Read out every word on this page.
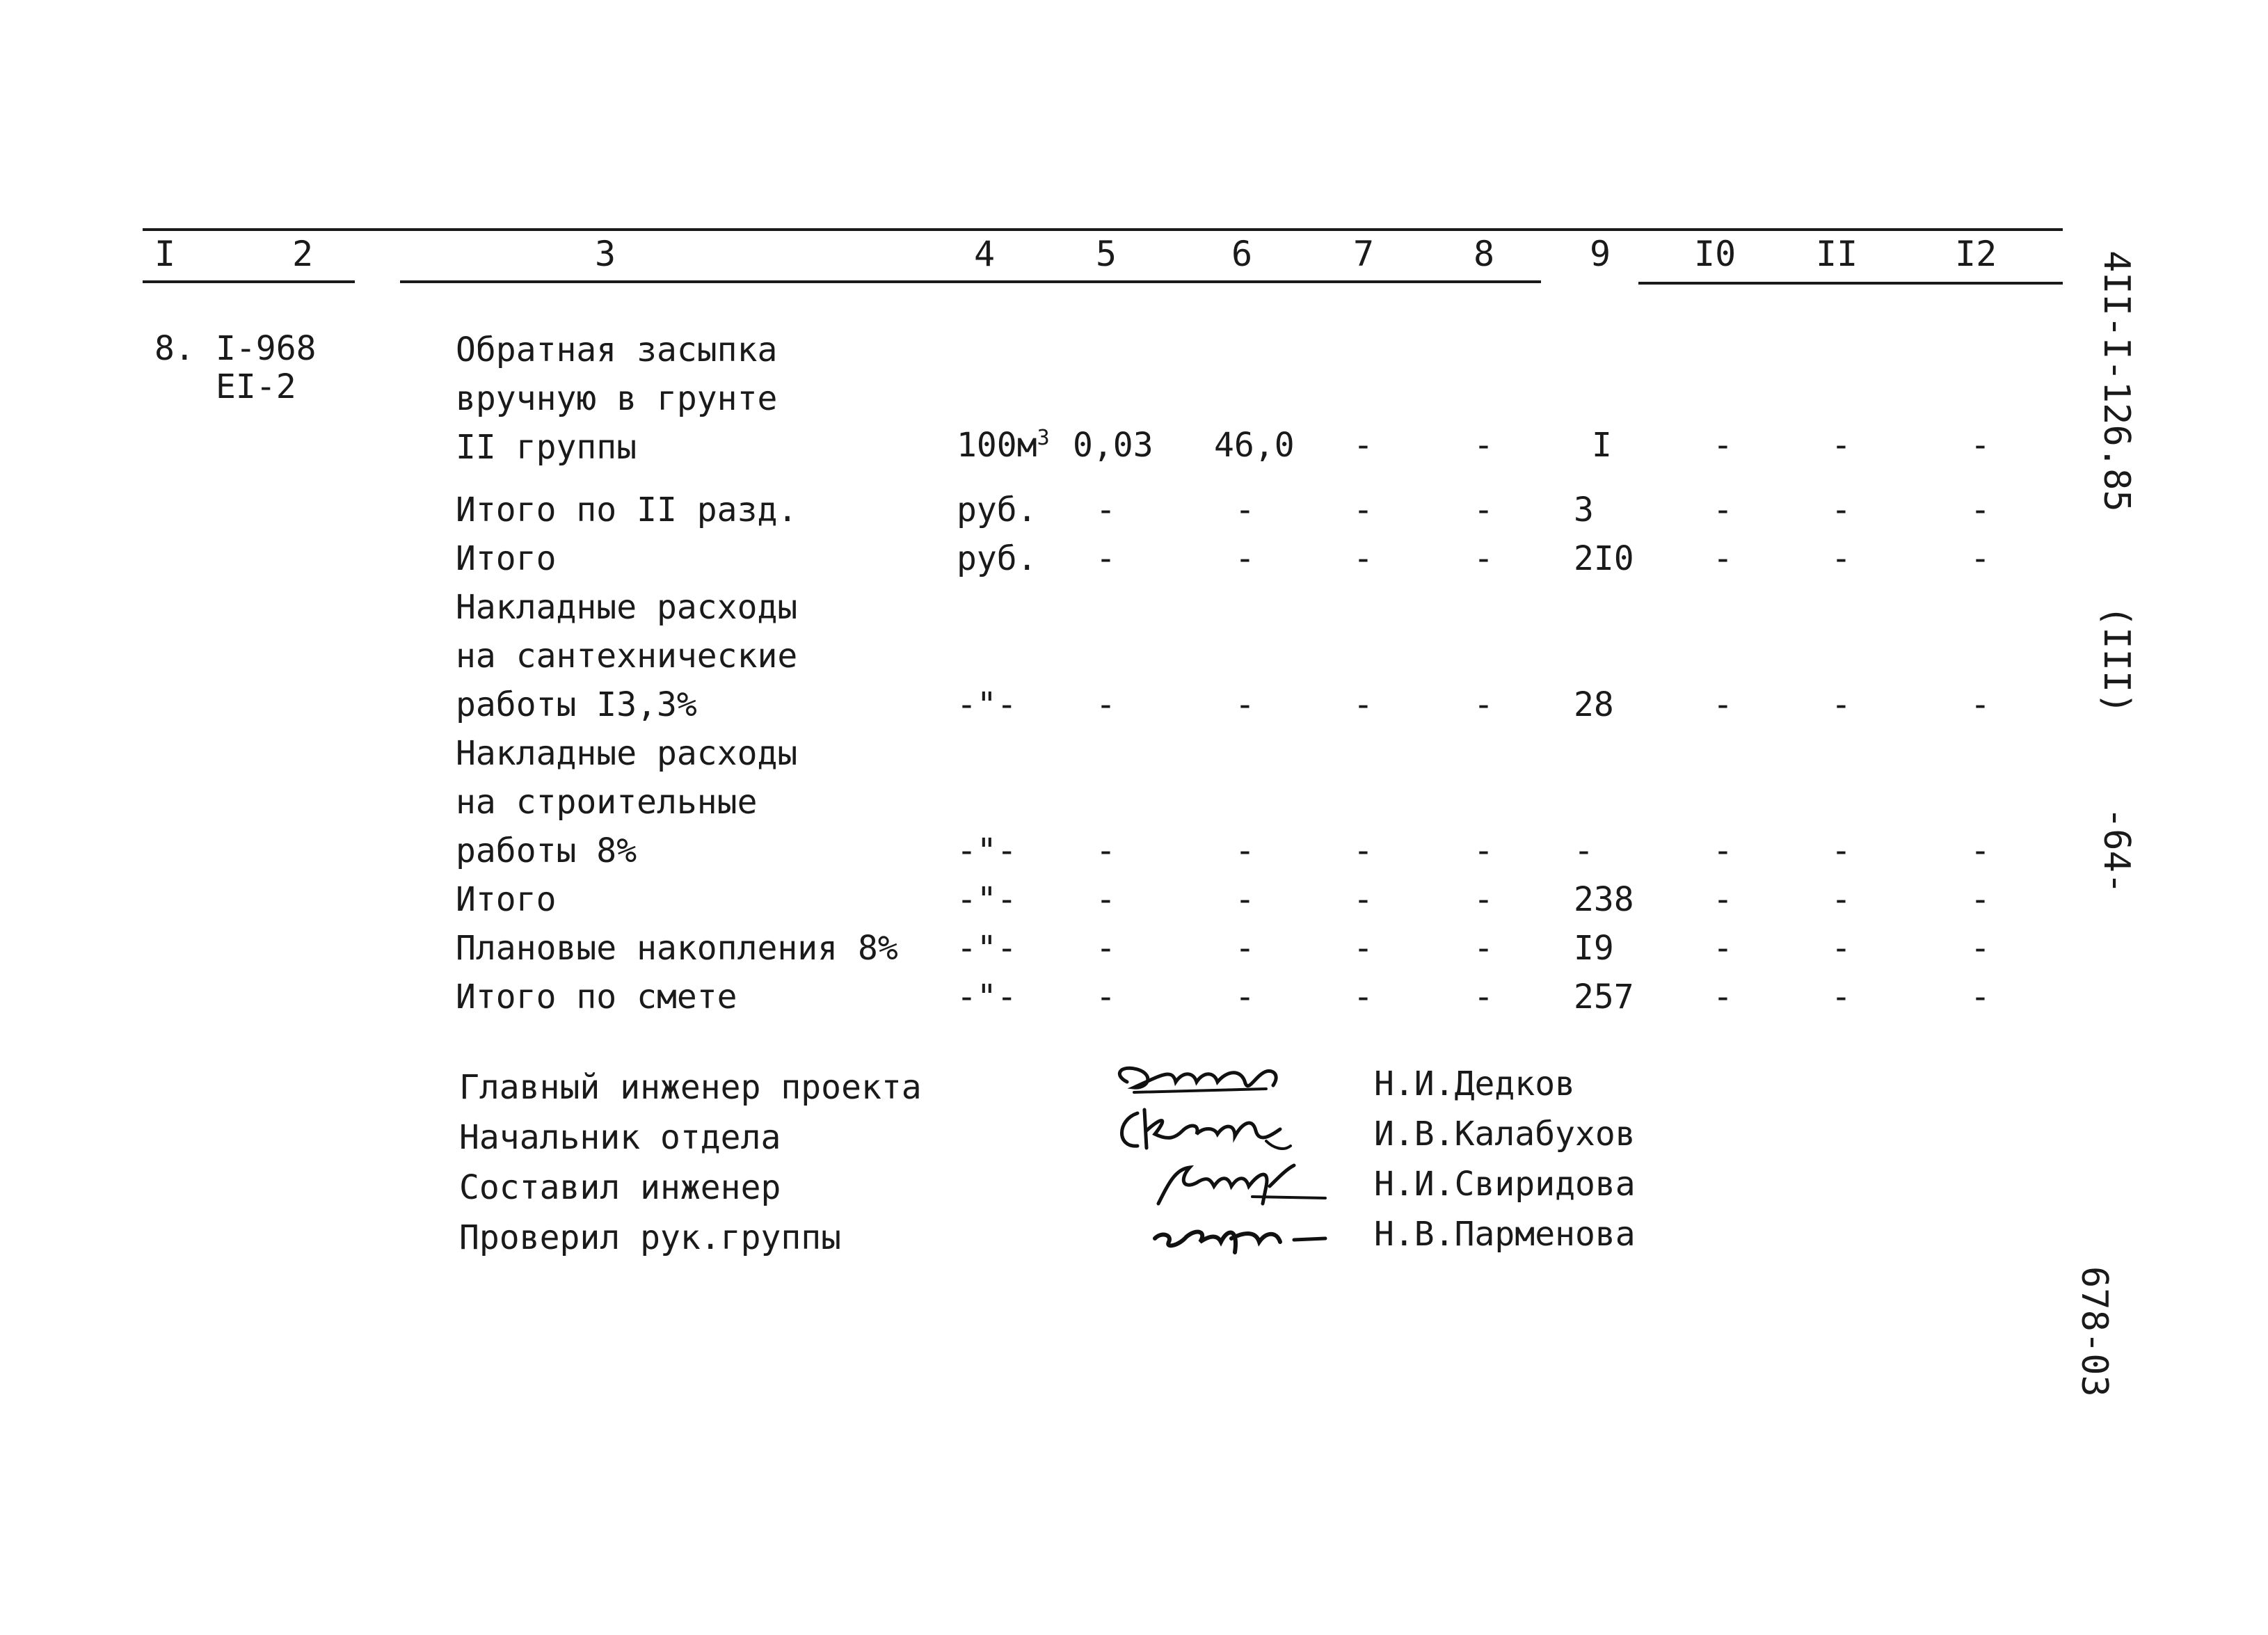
I	2	3	4	5	6	7	8	9 I0 II	I2
8. I-968
ЕI-2
Обратная засыпка
вручную в грунте
II группы	$100м^3$ 0,03 46,0 -	-	I	-	-	-
Итого по II разд.	руб. -	-	-	- 3	-	-	-
Итого	руб. -	-	-	- 2I0 -	-	-
Накладные расходы
на сантехнические
работы I3,3%	-"- -	-	-	- 28	-	-	-
Накладные расходы
на строительные
работы 8%	-"- -	-	-	- -	-	-	-
Итого	-"- -	-	-	- 238 -	-	-
Плановые накопления 8% -"- -	-	-	- I9	-	-	-
Итого по смете	-"- -	-	-	- 257 -	-	-
Главный инженер проекта	Н.И.Дедков
Начальник отдела	И.В.Калабухов
Составил инженер	Н.И.Свиридова
Проверил рук.группы	Н.В.Парменова
4II-I-126.85
(III)
-64-
678-03
